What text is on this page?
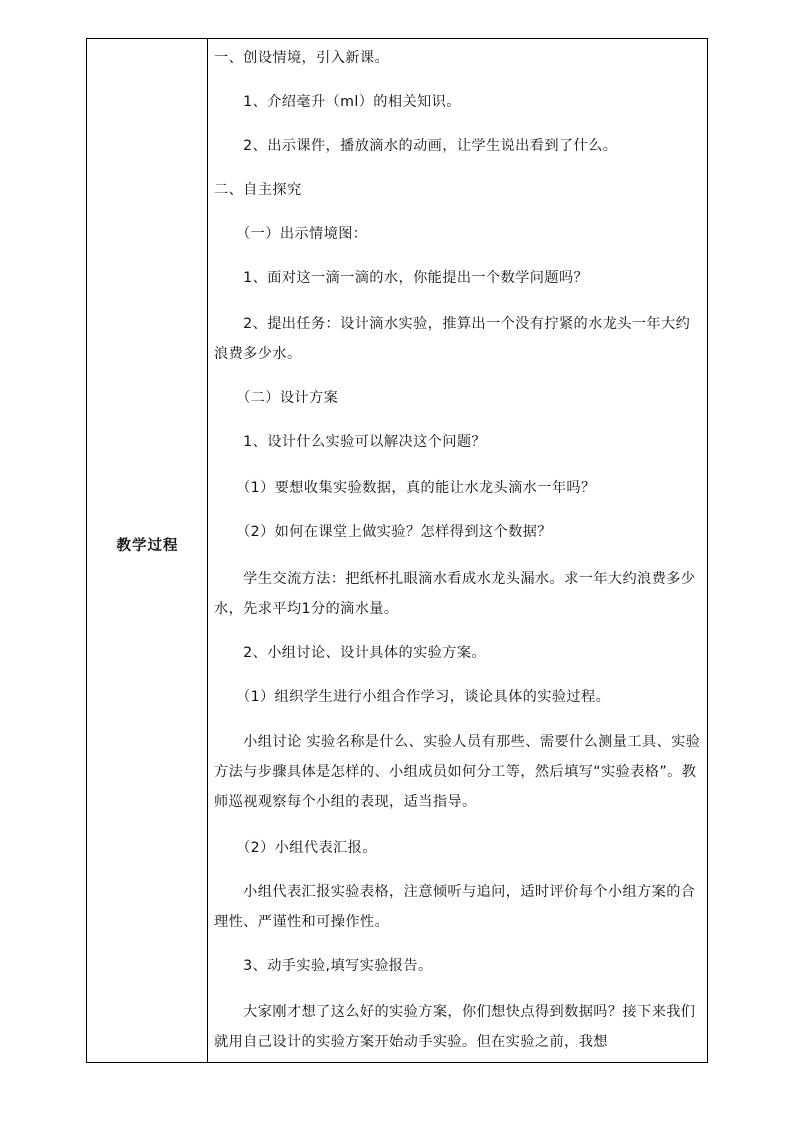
教学过程

一、创设情境，引入新课。

　　1、介绍毫升（ml）的相关知识。

　　2、出示课件，播放滴水的动画，让学生说出看到了什么。

二、自主探究

　　（一）出示情境图：

　　1、面对这一滴一滴的水，你能提出一个数学问题吗？

　　2、提出任务：设计滴水实验，推算出一个没有拧紧的水龙头一年大约浪费多少水。

　　（二）设计方案

　　1、设计什么实验可以解决这个问题？

　　（1）要想收集实验数据，真的能让水龙头滴水一年吗？

　　（2）如何在课堂上做实验？怎样得到这个数据？

　　学生交流方法：把纸杯扎眼滴水看成水龙头漏水。求一年大约浪费多少水，先求平均1分的滴水量。

　　2、小组讨论、设计具体的实验方案。

　　（1）组织学生进行小组合作学习，谈论具体的实验过程。

　　小组讨论 实验名称是什么、实验人员有那些、需要什么测量工具、实验方法与步骤具体是怎样的、小组成员如何分工等，然后填写“实验表格”。教师巡视观察每个小组的表现，适当指导。

　　（2）小组代表汇报。

　　小组代表汇报实验表格，注意倾听与追问，适时评价每个小组方案的合理性、严谨性和可操作性。

　　3、动手实验,填写实验报告。

　　大家刚才想了这么好的实验方案，你们想快点得到数据吗？接下来我们就用自己设计的实验方案开始动手实验。但在实验之前，我想
